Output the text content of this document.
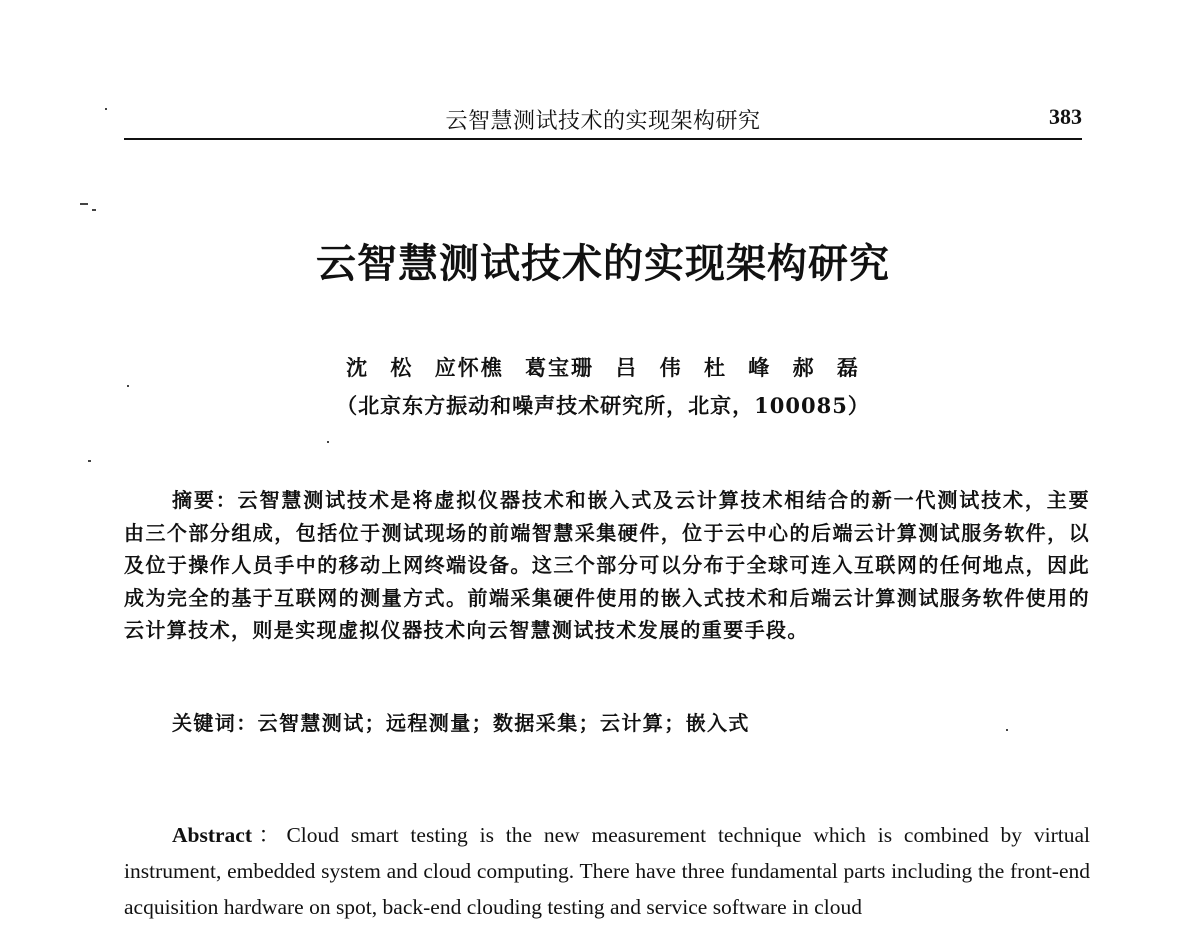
云智慧测试技术的实现架构研究	383
云智慧测试技术的实现架构研究
沈 松 应怀樵 葛宝珊 吕 伟 杜 峰 郝 磊
（北京东方振动和噪声技术研究所，北京，100085）
摘要：云智慧测试技术是将虚拟仪器技术和嵌入式及云计算技术相结合的新一代测试技术，主要由三个部分组成，包括位于测试现场的前端智慧采集硬件，位于云中心的后端云计算测试服务软件，以及位于操作人员手中的移动上网终端设备。这三个部分可以分布于全球可连入互联网的任何地点，因此成为完全的基于互联网的测量方式。前端采集硬件使用的嵌入式技术和后端云计算测试服务软件使用的云计算技术，则是实现虚拟仪器技术向云智慧测试技术发展的重要手段。
关键词：云智慧测试；远程测量；数据采集；云计算；嵌入式
Abstract：Cloud smart testing is the new measurement technique which is combined by virtual instrument, embedded system and cloud computing. There have three fundamental parts including the front-end acquisition hardware on spot, back-end clouding testing and service software in cloud
